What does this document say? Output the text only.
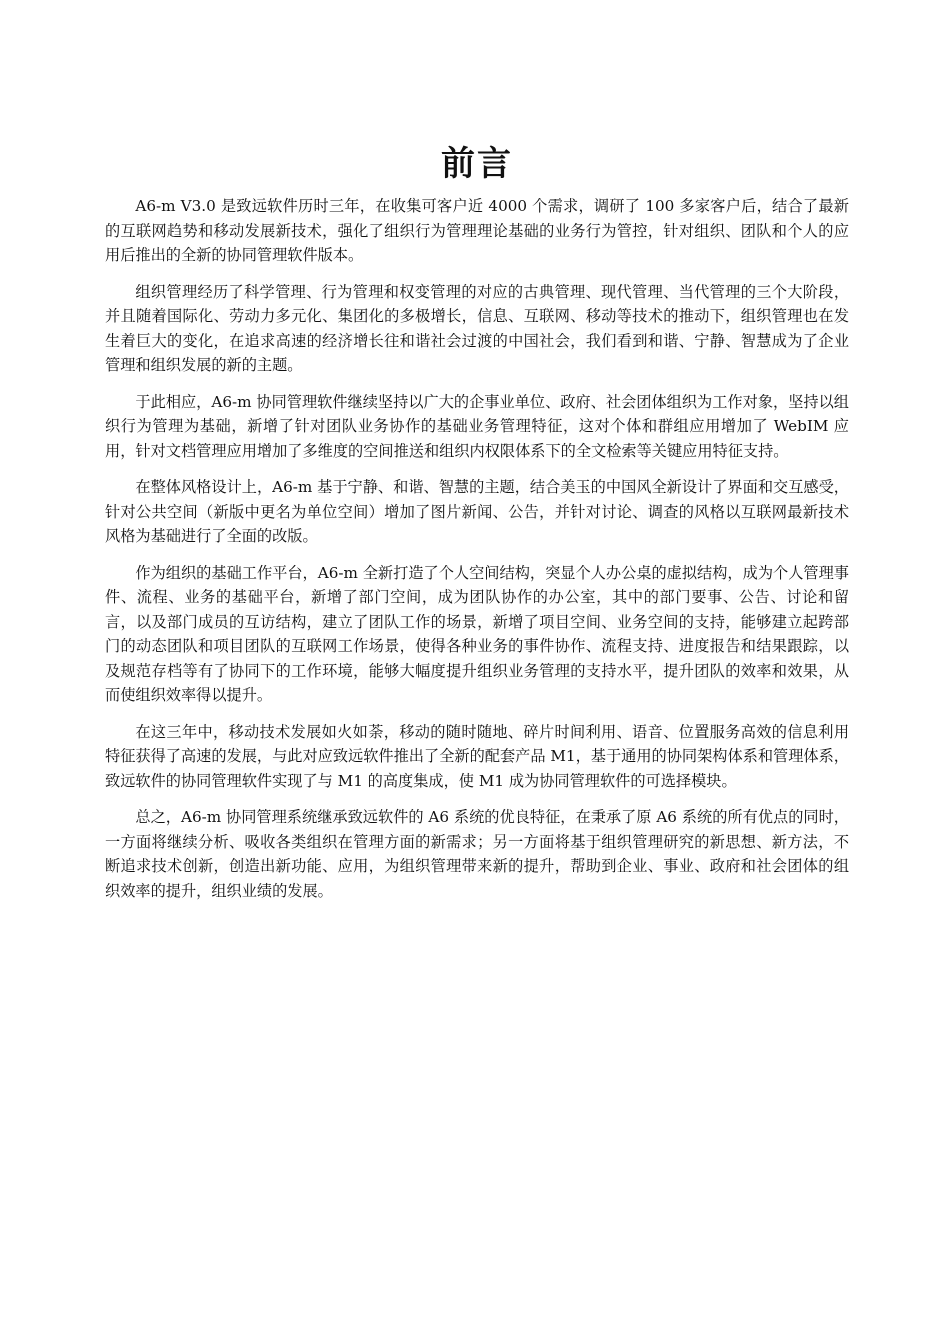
前言

A6-m V3.0 是致远软件历时三年，在收集可客户近 4000 个需求，调研了 100 多家客户后，结合了最新的互联网趋势和移动发展新技术，强化了组织行为管理理论基础的业务行为管控，针对组织、团队和个人的应用后推出的全新的协同管理软件版本。

组织管理经历了科学管理、行为管理和权变管理的对应的古典管理、现代管理、当代管理的三个大阶段，并且随着国际化、劳动力多元化、集团化的多极增长，信息、互联网、移动等技术的推动下，组织管理也在发生着巨大的变化，在追求高速的经济增长往和谐社会过渡的中国社会，我们看到和谐、宁静、智慧成为了企业管理和组织发展的新的主题。

于此相应，A6-m 协同管理软件继续坚持以广大的企事业单位、政府、社会团体组织为工作对象，坚持以组织行为管理为基础，新增了针对团队业务协作的基础业务管理特征，这对个体和群组应用增加了 WebIM 应用，针对文档管理应用增加了多维度的空间推送和组织内权限体系下的全文检索等关键应用特征支持。

在整体风格设计上，A6-m 基于宁静、和谐、智慧的主题，结合美玉的中国风全新设计了界面和交互感受，针对公共空间（新版中更名为单位空间）增加了图片新闻、公告，并针对讨论、调查的风格以互联网最新技术风格为基础进行了全面的改版。

作为组织的基础工作平台，A6-m 全新打造了个人空间结构，突显个人办公桌的虚拟结构，成为个人管理事件、流程、业务的基础平台，新增了部门空间，成为团队协作的办公室，其中的部门要事、公告、讨论和留言，以及部门成员的互访结构，建立了团队工作的场景，新增了项目空间、业务空间的支持，能够建立起跨部门的动态团队和项目团队的互联网工作场景，使得各种业务的事件协作、流程支持、进度报告和结果跟踪，以及规范存档等有了协同下的工作环境，能够大幅度提升组织业务管理的支持水平，提升团队的效率和效果，从而使组织效率得以提升。

在这三年中，移动技术发展如火如荼，移动的随时随地、碎片时间利用、语音、位置服务高效的信息利用特征获得了高速的发展，与此对应致远软件推出了全新的配套产品 M1，基于通用的协同架构体系和管理体系，致远软件的协同管理软件实现了与 M1 的高度集成，使 M1 成为协同管理软件的可选择模块。

总之，A6-m 协同管理系统继承致远软件的 A6 系统的优良特征，在秉承了原 A6 系统的所有优点的同时，一方面将继续分析、吸收各类组织在管理方面的新需求；另一方面将基于组织管理研究的新思想、新方法，不断追求技术创新，创造出新功能、应用，为组织管理带来新的提升，帮助到企业、事业、政府和社会团体的组织效率的提升，组织业绩的发展。
